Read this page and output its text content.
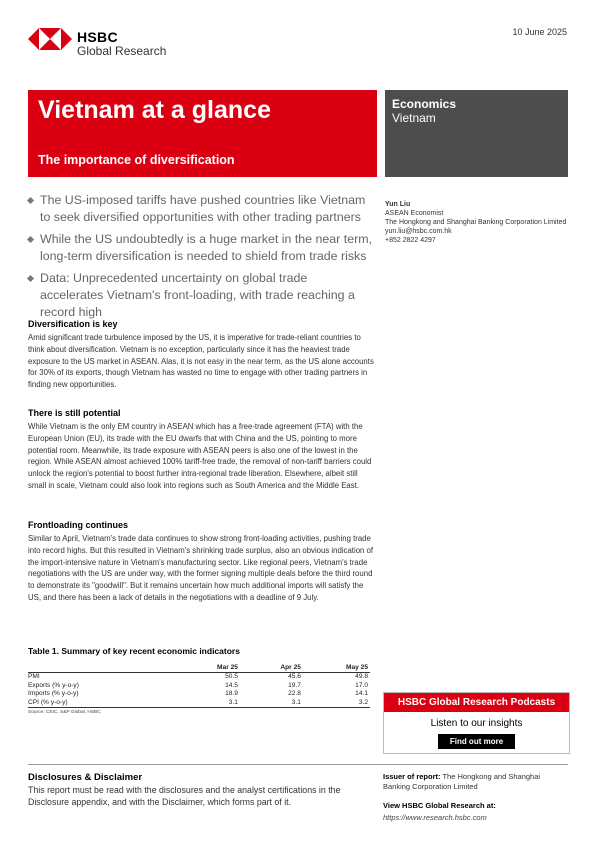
HSBC
Global Research
10 June 2025
Vietnam at a glance
The importance of diversification
Economics
Vietnam
The US-imposed tariffs have pushed countries like Vietnam to seek diversified opportunities with other trading partners
While the US undoubtedly is a huge market in the near term, long-term diversification is needed to shield from trade risks
Data: Unprecedented uncertainty on global trade accelerates Vietnam's front-loading, with trade reaching a record high
Yun Liu
ASEAN Economist
The Hongkong and Shanghai Banking Corporation Limited
yun.liu@hsbc.com.hk
+852 2822 4297
Diversification is key

Amid significant trade turbulence imposed by the US, it is imperative for trade-reliant countries to think about diversification. Vietnam is no exception, particularly since it has the heaviest trade exposure to the US market in ASEAN. Alas, it is not easy in the near term, as the US alone accounts for 30% of its exports, though Vietnam has wasted no time to engage with other trading partners in finding new opportunities.

There is still potential

While Vietnam is the only EM country in ASEAN which has a free-trade agreement (FTA) with the European Union (EU), its trade with the EU dwarfs that with China and the US, pointing to more potential room. Meanwhile, its trade exposure with ASEAN peers is also one of the lowest in the region. While ASEAN almost achieved 100% tariff-free trade, the removal of non-tariff barriers could unlock the region's potential to boost further intra-regional trade liberation. Elsewhere, albeit still small in scale, Vietnam could also look into regions such as South America and the Middle East.

Frontloading continues

Similar to April, Vietnam's trade data continues to show strong front-loading activities, pushing trade into record highs. But this resulted in Vietnam's shrinking trade surplus, also an obvious indication of the import-intensive nature in Vietnam's manufacturing sector. Like regional peers, Vietnam's trade negotiations with the US are under way, with the former signing multiple deals before the third round to demonstrate its "goodwill". But it remains uncertain how much additional imports will satisfy the US, and there has been a lack of details in the negotiations with a deadline of 9 July.

Table 1. Summary of key recent economic indicators
	Mar 25	Apr 25	May 25
PMI	50.5	45.6	49.8
Exports (% y-o-y)	14.5	19.7	17.0
Imports (% y-o-y)	18.9	22.8	14.1
CPI (% y-o-y)	3.1	3.1	3.2
Source: CEIC, S&P Global, HSBC
HSBC Global Research Podcasts
Listen to our insights
Find out more
Disclosures & Disclaimer
This report must be read with the disclosures and the analyst certifications in the Disclosure appendix, and with the Disclaimer, which forms part of it.
Issuer of report: The Hongkong and Shanghai Banking Corporation Limited
View HSBC Global Research at:
https://www.research.hsbc.com
